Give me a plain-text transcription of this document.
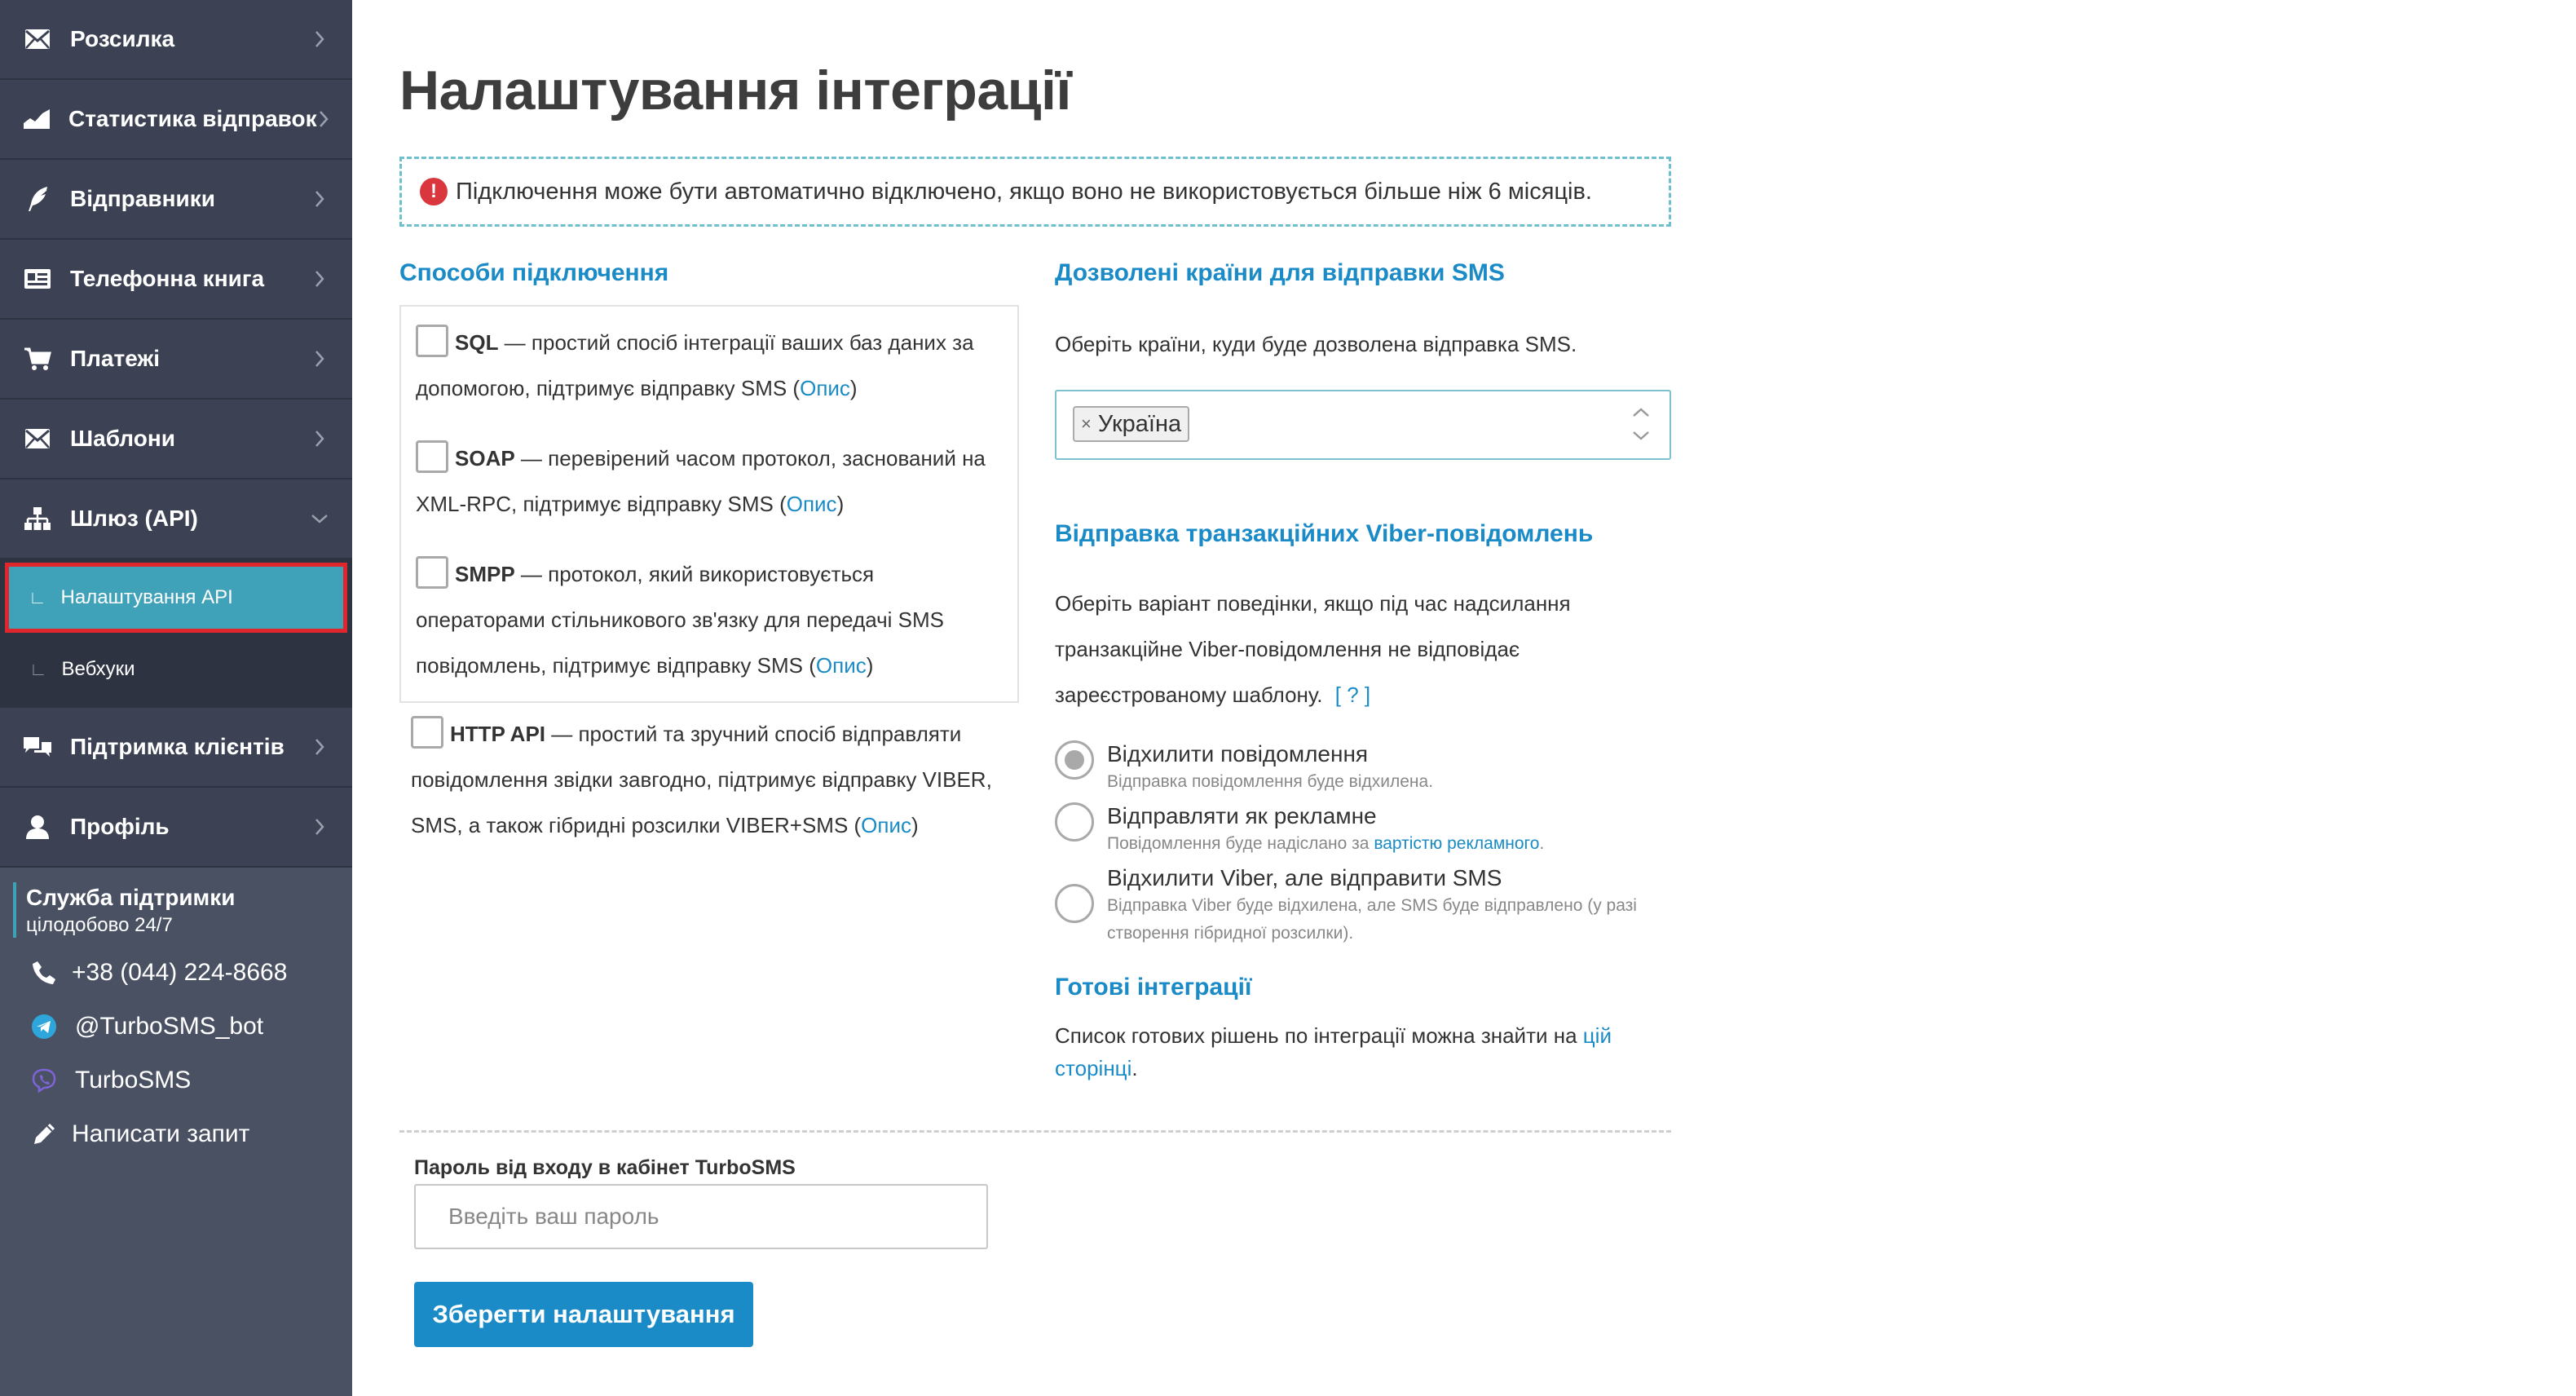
Розсилка
Статистика відправок
Відправники
Телефонна книга
Платежі
Шаблони
Шлюз (API)
∟ Налаштування API
∟ Вебхуки
Підтримка клієнтів
Профіль
Служба підтримки
цілодобово 24/7
+38 (044) 224-8668
@TurboSMS_bot
TurboSMS
Написати запит
Налаштування інтеграції
! Підключення може бути автоматично відключено, якщо воно не використовується більше ніж 6 місяців.
Способи підключення
SQL — простий спосіб інтеграції ваших баз даних за допомогою, підтримує відправку SMS (Опис)
SOAP — перевірений часом протокол, заснований на XML-RPC, підтримує відправку SMS (Опис)
SMPP — протокол, який використовується операторами стільникового зв'язку для передачі SMS повідомлень, підтримує відправку SMS (Опис)
HTTP API — простий та зручний спосіб відправляти повідомлення звідки завгодно, підтримує відправку VIBER, SMS, а також гібридні розсилки VIBER+SMS (Опис)
Дозволені країни для відправки SMS
Оберіть країни, куди буде дозволена відправка SMS.
× Україна
Відправка транзакційних Viber-повідомлень
Оберіть варіант поведінки, якщо під час надсилання транзакційне Viber-повідомлення не відповідає зареєстрованому шаблону. [ ? ]
Відхилити повідомлення
Відправка повідомлення буде відхилена.
Відправляти як рекламне
Повідомлення буде надісланo за вартістю рекламного.
Відхилити Viber, але відправити SMS
Відправка Viber буде відхилена, але SMS буде відправлено (у разі створення гібридної розсилки).
Готові інтеграції
Список готових рішень по інтеграції можна знайти на цій сторінці.
Пароль від входу в кабінет TurboSMS
Зберегти налаштування
